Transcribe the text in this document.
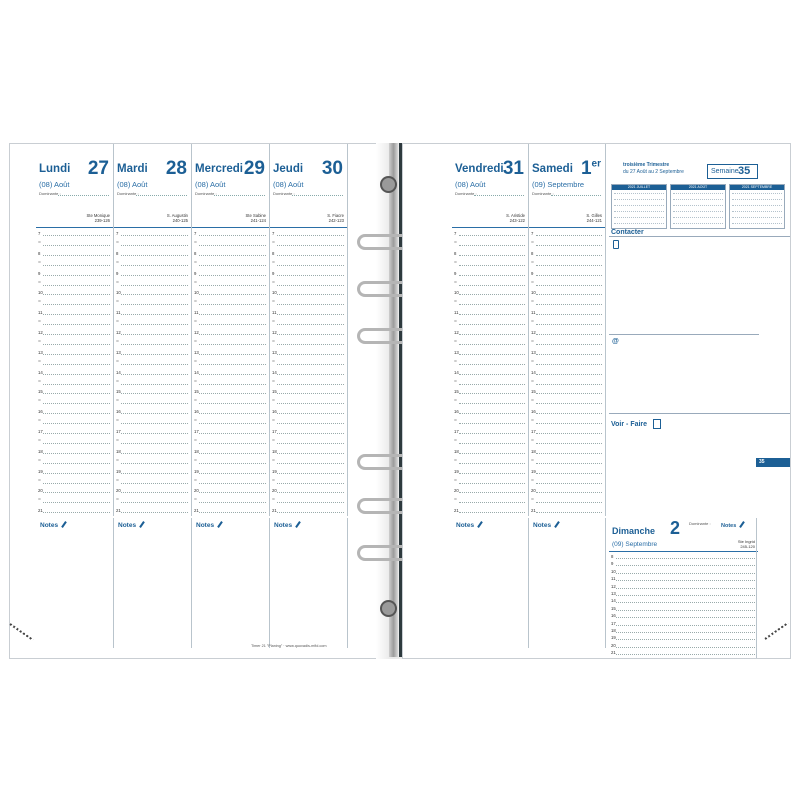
Lundi 27
(08) Août
Dominante :
Ste Monique
239-126
7
=
8
=
9
=
10
=
11
=
12
=
13
=
14
=
15
=
16
=
17
=
18
=
19
=
20
=
21
Notes
Mardi 28
(08) Août
Dominante :
S. Augustin
240-125
7
=
8
=
9
=
10
=
11
=
12
=
13
=
14
=
15
=
16
=
17
=
18
=
19
=
20
=
21
Notes
Mercredi 29
(08) Août
Dominante :
Ste Sabine
241-124
7
=
8
=
9
=
10
=
11
=
12
=
13
=
14
=
15
=
16
=
17
=
18
=
19
=
20
=
21
Notes
Jeudi 30
(08) Août
Dominante :
S. Fiacre
242-123
7
=
8
=
9
=
10
=
11
=
12
=
13
=
14
=
15
=
16
=
17
=
18
=
19
=
20
=
21
Notes
Timer 21 "Planing" · www.quovadis-mfid.com
Vendredi 31
(08) Août
Dominante :
S. Aristide
243-122
7
=
8
=
9
=
10
=
11
=
12
=
13
=
14
=
15
=
16
=
17
=
18
=
19
=
20
=
21
Notes
Samedi 1er
(09) Septembre
Dominante :
S. Gilles
244-121
7
=
8
=
9
=
10
=
11
=
12
=
13
=
14
=
15
=
16
=
17
=
18
=
19
=
20
=
21
Notes
troisième Trimestre
du 27 Août au 2 Septembre	Semaine 35
2021 JUILLET	2021 AOÛT	2021 SEPTEMBRE
Contacter
@
Voir - Faire
35
Dimanche 2 Dominante :
(09) Septembre	Ste Ingrid
245-120
8
9
10
11
12
13
14
15
16
17
18
19
20
21
Notes
